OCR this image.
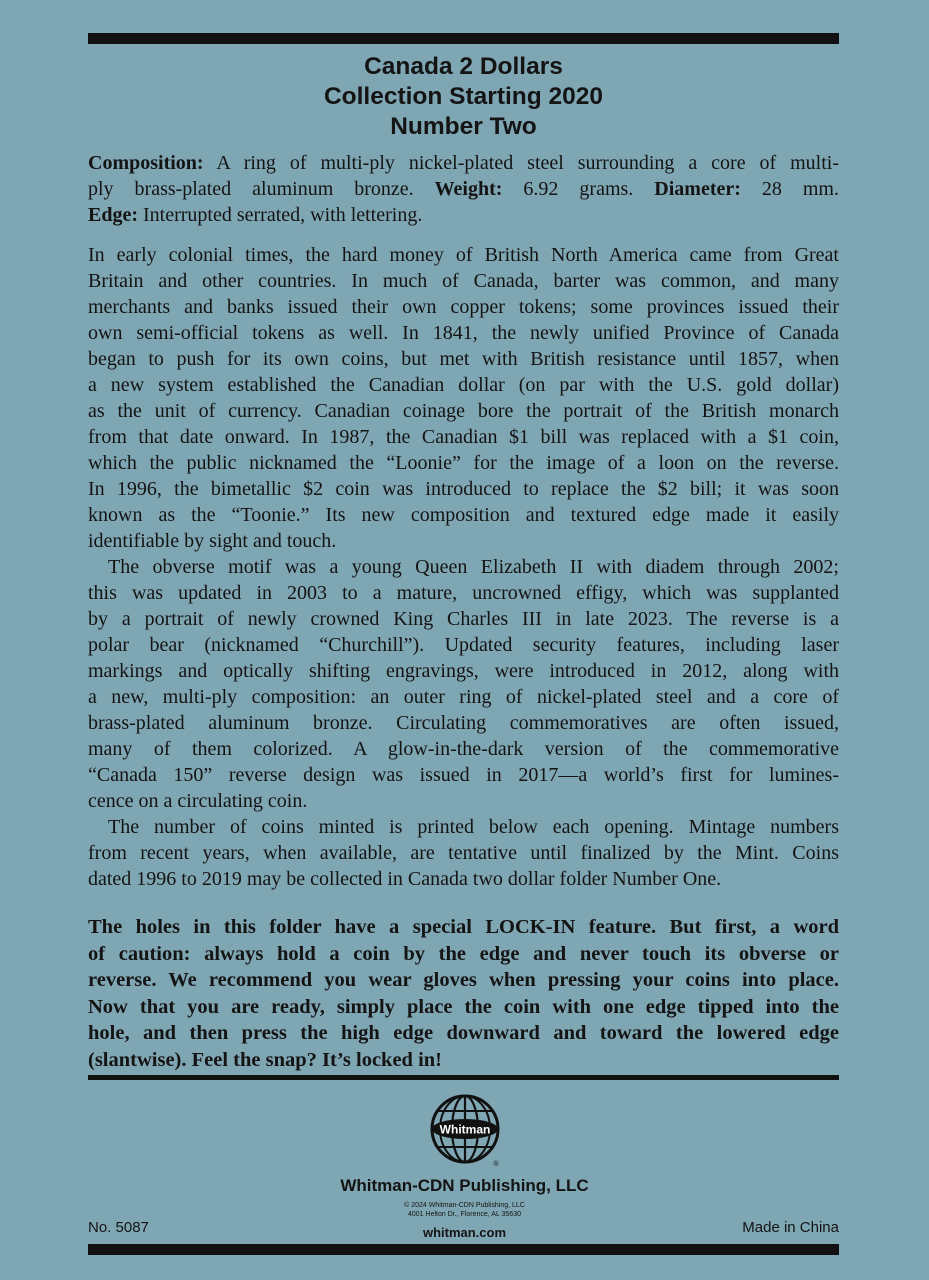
Canada 2 Dollars
Collection Starting 2020
Number Two
Composition: A ring of multi-ply nickel-plated steel surrounding a core of multi-
ply brass-plated aluminum bronze. Weight: 6.92 grams. Diameter: 28 mm.
Edge: Interrupted serrated, with lettering.

In early colonial times, the hard money of British North America came from Great
Britain and other countries. In much of Canada, barter was common, and many
merchants and banks issued their own copper tokens; some provinces issued their
own semi-official tokens as well. In 1841, the newly unified Province of Canada
began to push for its own coins, but met with British resistance until 1857, when
a new system established the Canadian dollar (on par with the U.S. gold dollar)
as the unit of currency. Canadian coinage bore the portrait of the British monarch
from that date onward. In 1987, the Canadian $1 bill was replaced with a $1 coin,
which the public nicknamed the “Loonie” for the image of a loon on the reverse.
In 1996, the bimetallic $2 coin was introduced to replace the $2 bill; it was soon
known as the “Toonie.” Its new composition and textured edge made it easily
identifiable by sight and touch.

The obverse motif was a young Queen Elizabeth II with diadem through 2002;
this was updated in 2003 to a mature, uncrowned effigy, which was supplanted
by a portrait of newly crowned King Charles III in late 2023. The reverse is a
polar bear (nicknamed “Churchill”). Updated security features, including laser
markings and optically shifting engravings, were introduced in 2012, along with
a new, multi-ply composition: an outer ring of nickel-plated steel and a core of
brass-plated aluminum bronze. Circulating commemoratives are often issued,
many of them colorized. A glow-in-the-dark version of the commemorative
“Canada 150” reverse design was issued in 2017—a world’s first for lumines-
cence on a circulating coin.

The number of coins minted is printed below each opening. Mintage numbers
from recent years, when available, are tentative until finalized by the Mint. Coins
dated 1996 to 2019 may be collected in Canada two dollar folder Number One.

The holes in this folder have a special LOCK-IN feature. But first, a word
of caution: always hold a coin by the edge and never touch its obverse or
reverse. We recommend you wear gloves when pressing your coins into place.
Now that you are ready, simply place the coin with one edge tipped into the
hole, and then press the high edge downward and toward the lowered edge
(slantwise). Feel the snap? It’s locked in!
Whitman
®
Whitman-CDN Publishing, LLC
© 2024 Whitman-CDN Publishing, LLC
4001 Helton Dr., Florence, AL 35630
whitman.com
No. 5087	Made in China
